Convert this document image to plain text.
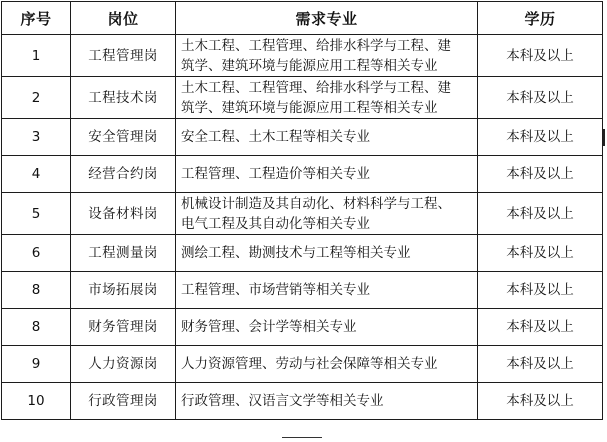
序号	岗位	需求专业	学历
1	工程管理岗	土木工程、工程管理、给排水科学与工程、建
筑学、建筑环境与能源应用工程等相关专业	本科及以上
2	工程技术岗	土木工程、工程管理、给排水科学与工程、建
筑学、建筑环境与能源应用工程等相关专业	本科及以上
3	安全管理岗	安全工程、土木工程等相关专业	本科及以上
4	经营合约岗	工程管理、工程造价等相关专业	本科及以上
5	设备材料岗	机械设计制造及其自动化、材料科学与工程、
电气工程及其自动化等相关专业	本科及以上
6	工程测量岗	测绘工程、勘测技术与工程等相关专业	本科及以上
8	市场拓展岗	工程管理、市场营销等相关专业	本科及以上
8	财务管理岗	财务管理、会计学等相关专业	本科及以上
9	人力资源岗	人力资源管理、劳动与社会保障等相关专业	本科及以上
10	行政管理岗	行政管理、汉语言文学等相关专业	本科及以上
